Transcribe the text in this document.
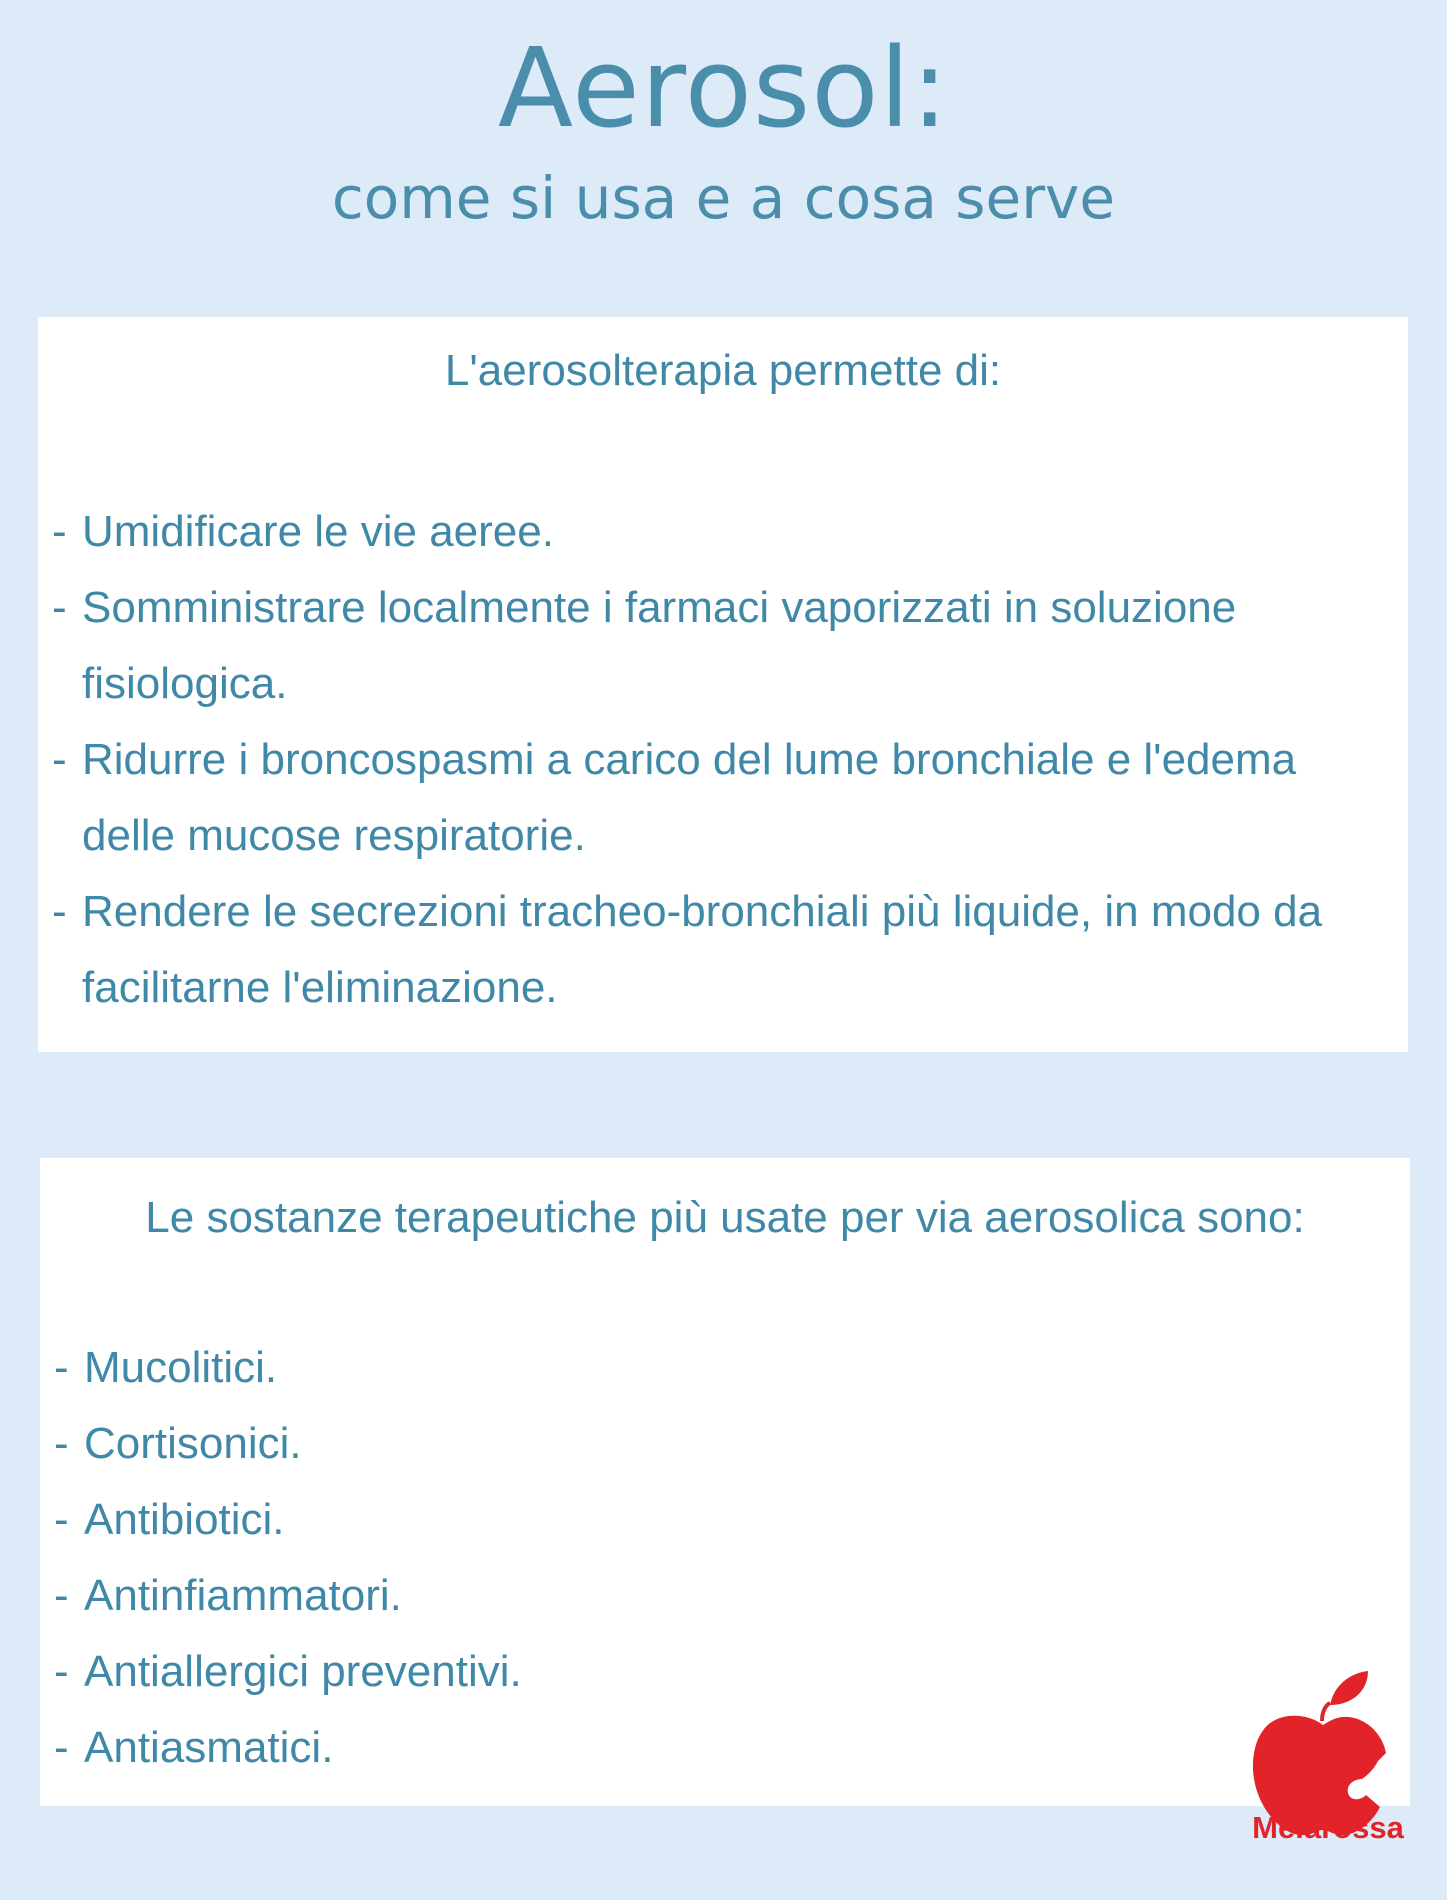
Aerosol:
come si usa e a cosa serve
L'aerosolterapia permette di:
- Umidificare le vie aeree.
- Somministrare localmente i farmaci vaporizzati in soluzione fisiologica.
- Ridurre i broncospasmi a carico del lume bronchiale e l'edema delle mucose respiratorie.
- Rendere le secrezioni tracheo-bronchiali più liquide, in modo da facilitarne l'eliminazione.
Le sostanze terapeutiche più usate per via aerosolica sono:
- Mucolitici.
- Cortisonici.
- Antibiotici.
- Antinfiammatori.
- Antiallergici preventivi.
- Antiasmatici.
Melarossa
